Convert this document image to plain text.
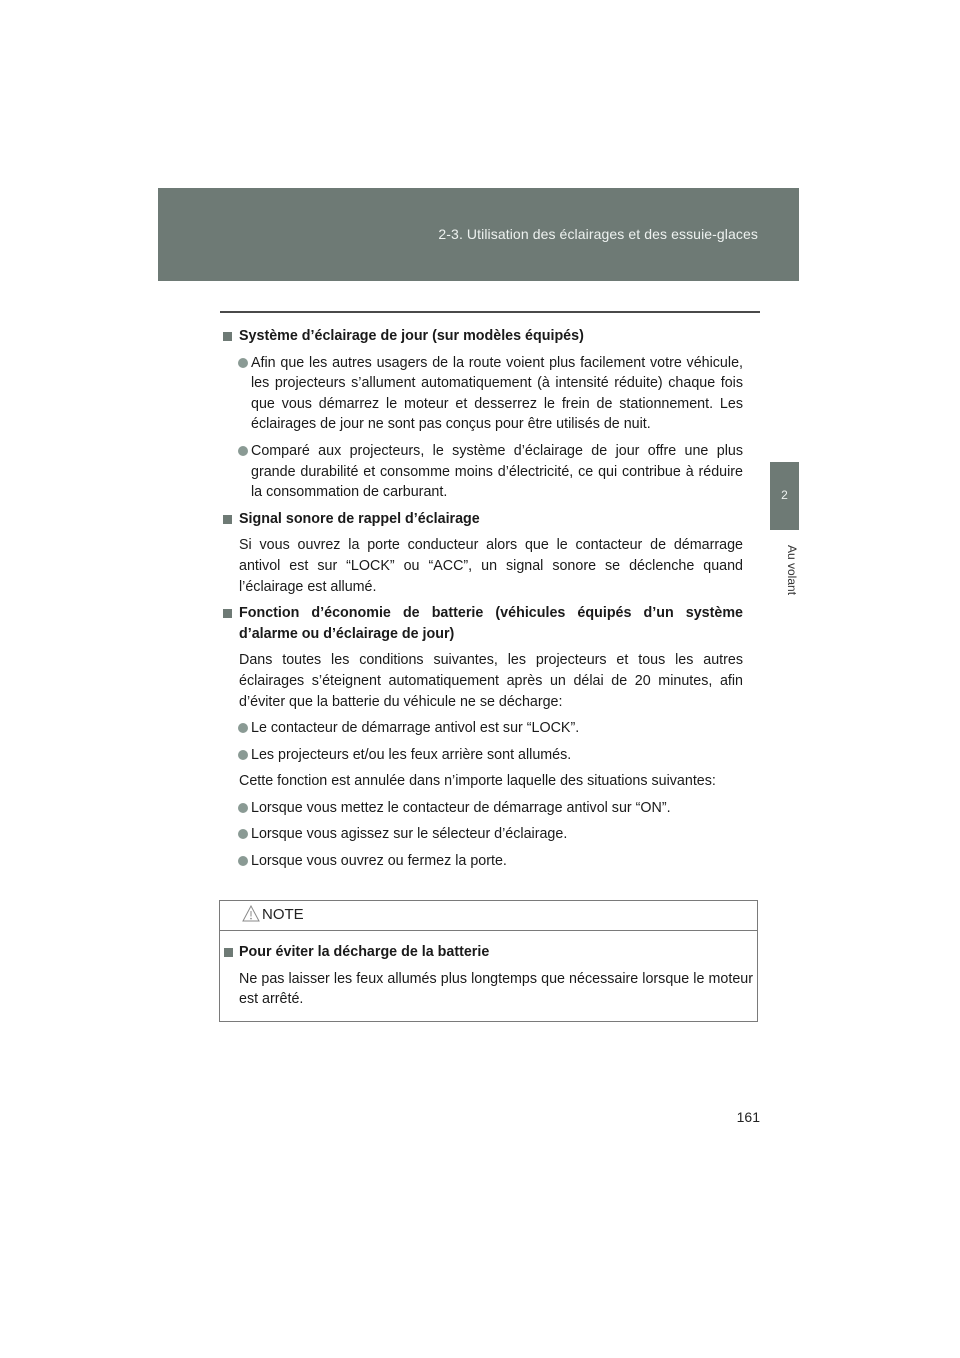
2-3. Utilisation des éclairages et des essuie-glaces
2
Au volant
Système d’éclairage de jour (sur modèles équipés)
Afin que les autres usagers de la route voient plus facilement votre véhicule, les projecteurs s’allument automatiquement (à intensité réduite) chaque fois que vous démarrez le moteur et desserrez le frein de stationnement. Les éclairages de jour ne sont pas conçus pour être utilisés de nuit.
Comparé aux projecteurs, le système d’éclairage de jour offre une plus grande durabilité et consomme moins d’électricité, ce qui contribue à réduire la consommation de carburant.
Signal sonore de rappel d’éclairage
Si vous ouvrez la porte conducteur alors que le contacteur de démarrage antivol est sur “LOCK” ou “ACC”, un signal sonore se déclenche quand l’éclairage est allumé.
Fonction d’économie de batterie (véhicules équipés d’un système d’alarme ou d’éclairage de jour)
Dans toutes les conditions suivantes, les projecteurs et tous les autres éclairages s’éteignent automatiquement après un délai de 20 minutes, afin d’éviter que la batterie du véhicule ne se décharge:
Le contacteur de démarrage antivol est sur “LOCK”.
Les projecteurs et/ou les feux arrière sont allumés.
Cette fonction est annulée dans n’importe laquelle des situations suivantes:
Lorsque vous mettez le contacteur de démarrage antivol sur “ON”.
Lorsque vous agissez sur le sélecteur d’éclairage.
Lorsque vous ouvrez ou fermez la porte.
NOTE
Pour éviter la décharge de la batterie
Ne pas laisser les feux allumés plus longtemps que nécessaire lorsque le moteur est arrêté.
161
